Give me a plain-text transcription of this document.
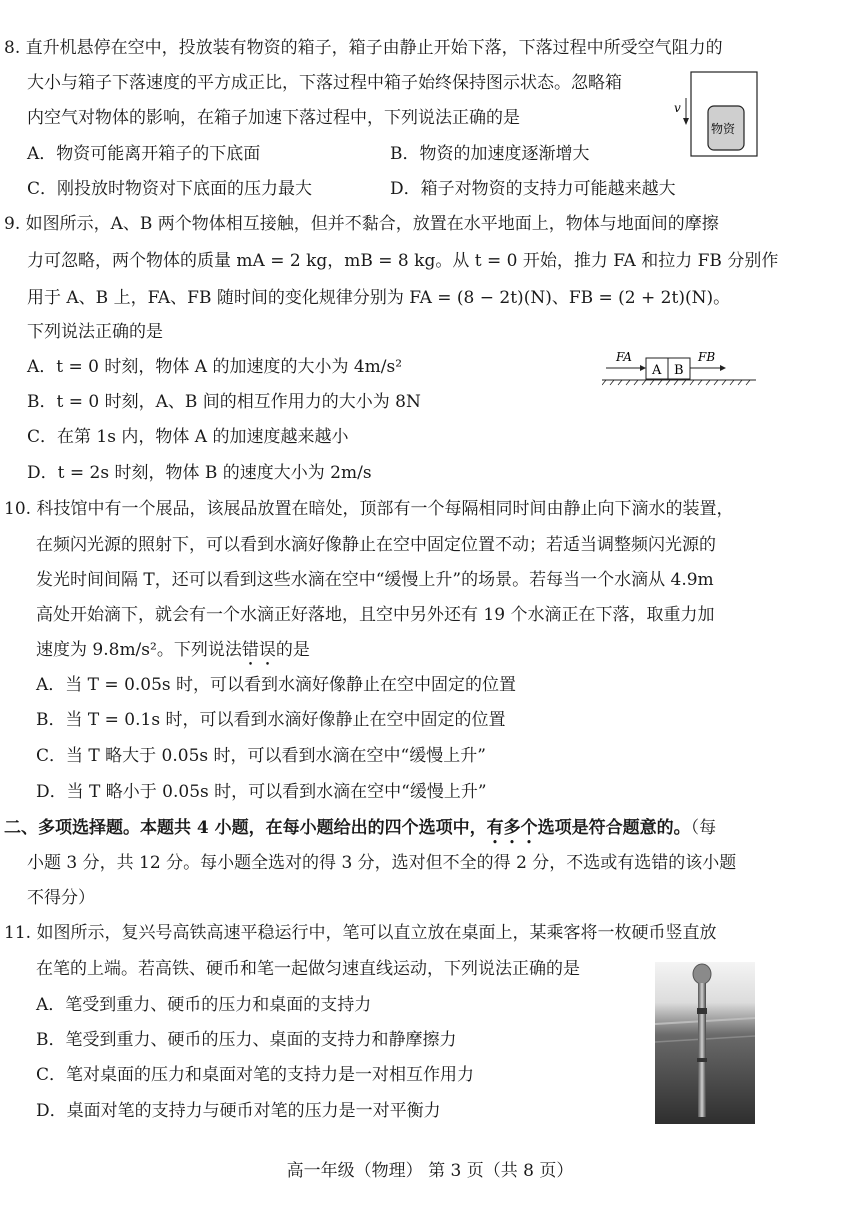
8. 直升机悬停在空中，投放装有物资的箱子，箱子由静止开始下落，下落过程中所受空气阻力的
大小与箱子下落速度的平方成正比，下落过程中箱子始终保持图示状态。忽略箱
内空气对物体的影响，在箱子加速下落过程中，下列说法正确的是
A．物资可能离开箱子的下底面	B．物资的加速度逐渐增大
C．刚投放时物资对下底面的压力最大	D．箱子对物资的支持力可能越来越大
v
物资
9. 如图所示，A、B 两个物体相互接触，但并不黏合，放置在水平地面上，物体与地面间的摩擦
力可忽略，两个物体的质量 mA = 2 kg，mB = 8 kg。从 t = 0 开始，推力 FA 和拉力 FB 分别作
用于 A、B 上，FA、FB 随时间的变化规律分别为 FA = (8 − 2t)(N)、FB = (2 + 2t)(N)。
下列说法正确的是
A．t = 0 时刻，物体 A 的加速度的大小为 4m/s²
B．t = 0 时刻，A、B 间的相互作用力的大小为 8N
C．在第 1s 内，物体 A 的加速度越来越小
D．t = 2s 时刻，物体 B 的速度大小为 2m/s
FA	FB
A B
10. 科技馆中有一个展品，该展品放置在暗处，顶部有一个每隔相同时间由静止向下滴水的装置，
在频闪光源的照射下，可以看到水滴好像静止在空中固定位置不动；若适当调整频闪光源的
发光时间间隔 T，还可以看到这些水滴在空中“缓慢上升”的场景。若每当一个水滴从 4.9m
高处开始滴下，就会有一个水滴正好落地，且空中另外还有 19 个水滴正在下落，取重力加
速度为 9.8m/s²。下列说法错误的是
A．当 T = 0.05s 时，可以看到水滴好像静止在空中固定的位置
B．当 T = 0.1s 时，可以看到水滴好像静止在空中固定的位置
C．当 T 略大于 0.05s 时，可以看到水滴在空中“缓慢上升”
D．当 T 略小于 0.05s 时，可以看到水滴在空中“缓慢上升”
二、多项选择题。本题共 4 小题，在每小题给出的四个选项中，有多个选项是符合题意的。（每
小题 3 分，共 12 分。每小题全选对的得 3 分，选对但不全的得 2 分，不选或有选错的该小题
不得分）
11. 如图所示，复兴号高铁高速平稳运行中，笔可以直立放在桌面上，某乘客将一枚硬币竖直放
在笔的上端。若高铁、硬币和笔一起做匀速直线运动，下列说法正确的是
A．笔受到重力、硬币的压力和桌面的支持力
B．笔受到重力、硬币的压力、桌面的支持力和静摩擦力
C．笔对桌面的压力和桌面对笔的支持力是一对相互作用力
D．桌面对笔的支持力与硬币对笔的压力是一对平衡力
高一年级（物理） 第 3 页（共 8 页）
